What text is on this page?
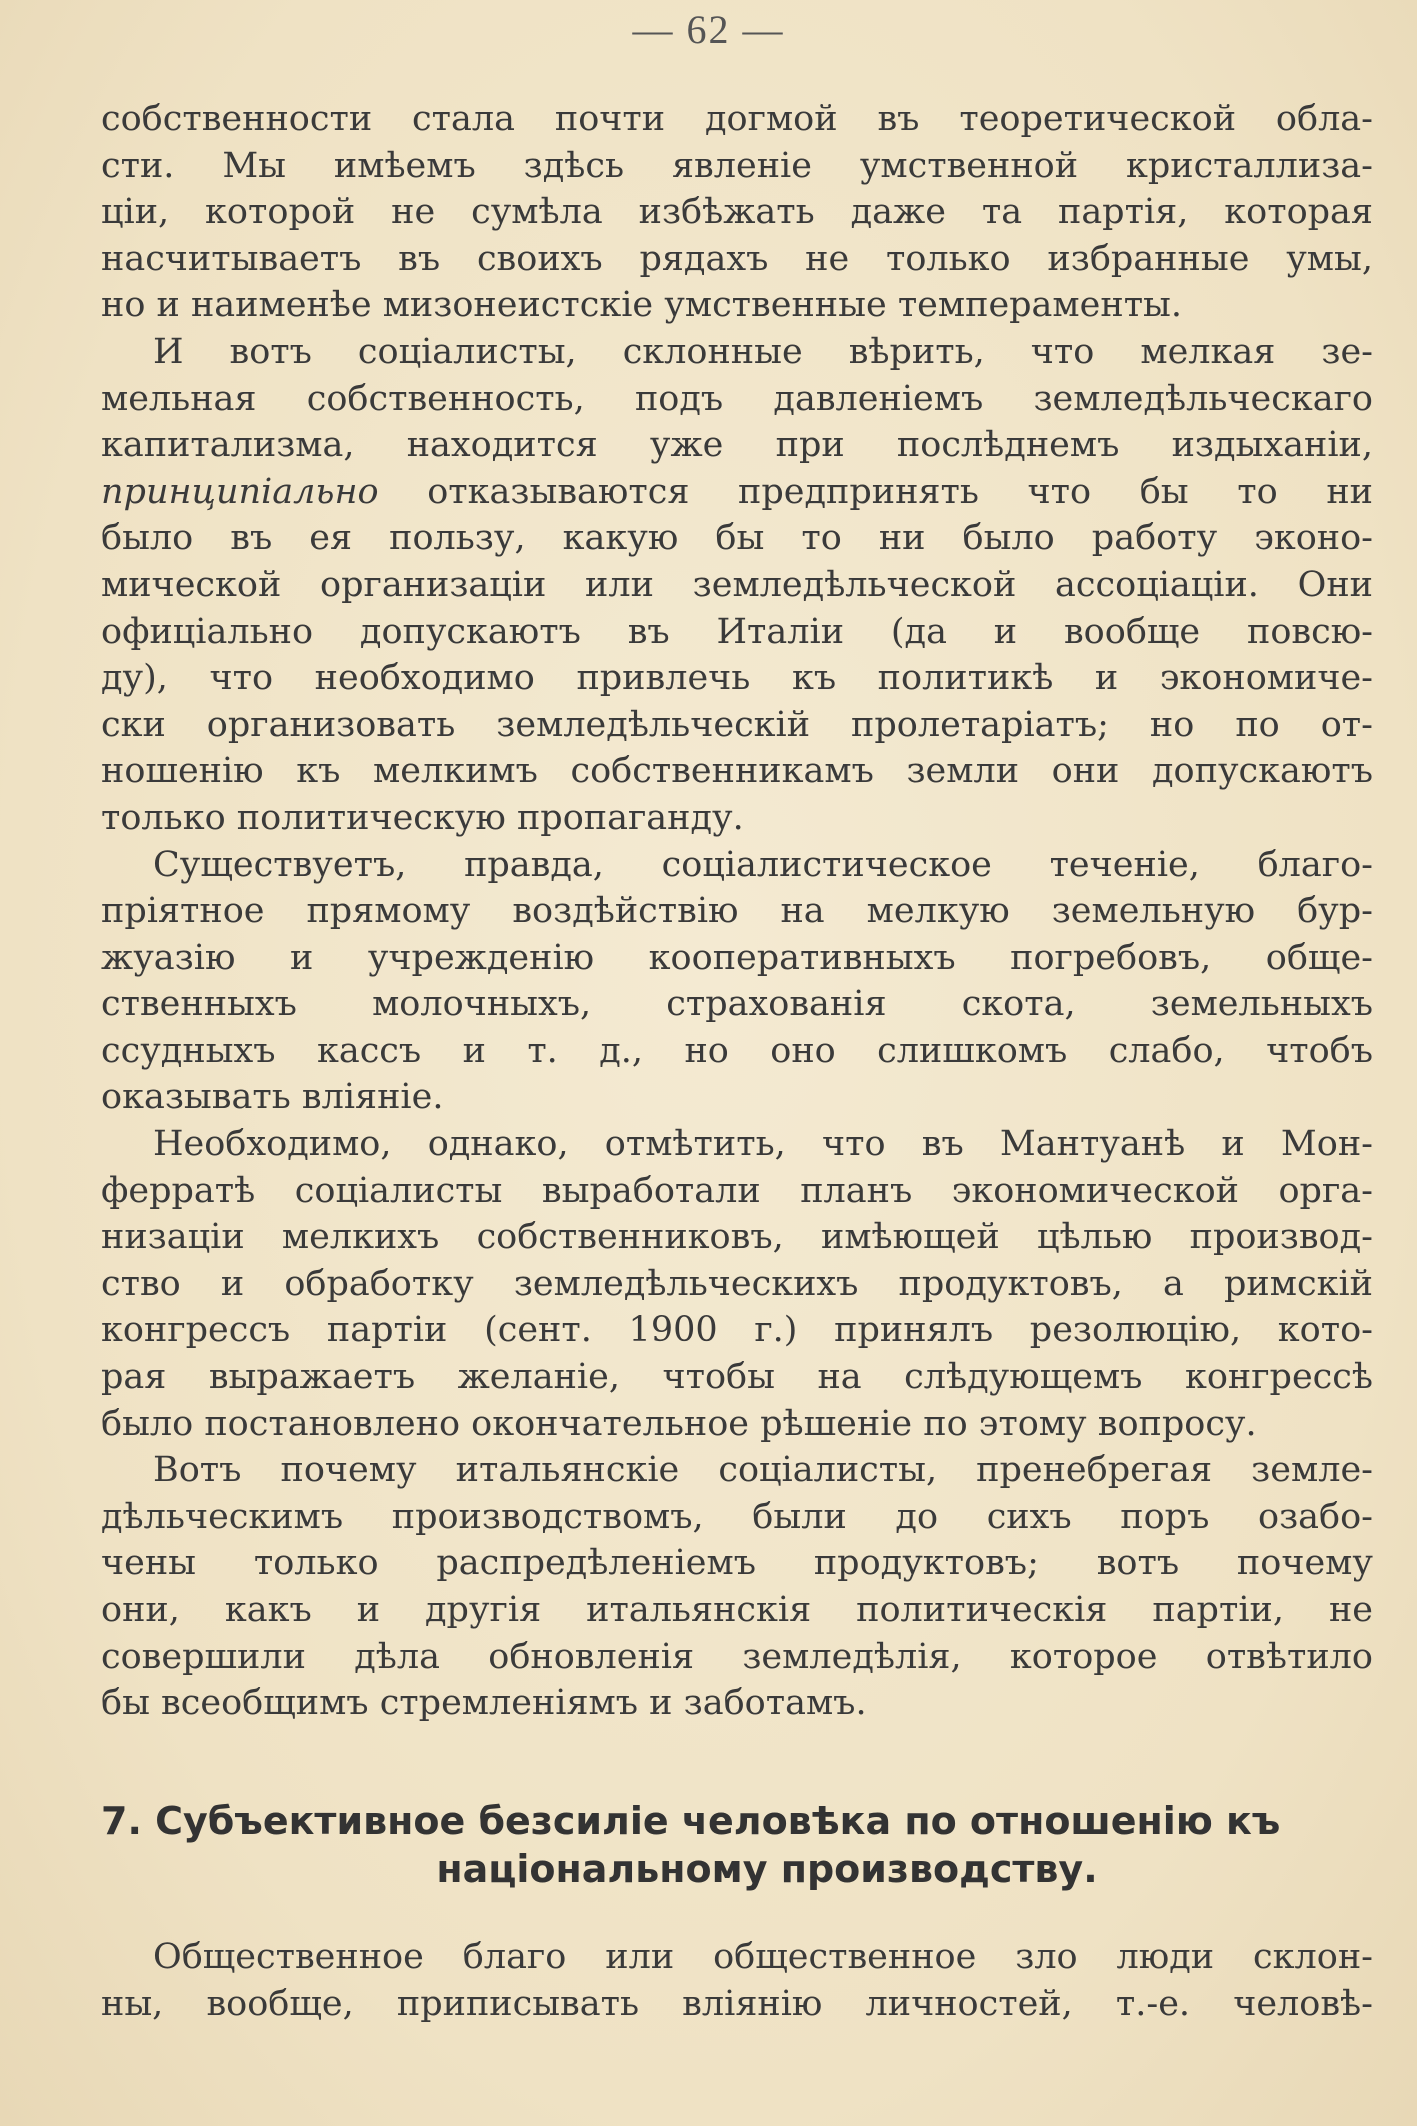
— 62 —

собственности стала почти догмой въ теоретической обла-

сти. Мы имѣемъ здѣсь явленіе умственной кристаллиза-

ціи, которой не сумѣла избѣжать даже та партія, которая

насчитываетъ въ своихъ рядахъ не только избранные умы,

но и наименѣе мизонеистскіе умственные темпераменты.

И вотъ соціалисты, склонные вѣрить, что мелкая зе-

мельная собственность, подъ давленіемъ земледѣльческаго

капитализма, находится уже при послѣднемъ издыханіи,

принципіально отказываются предпринять что бы то ни

было въ ея пользу, какую бы то ни было работу эконо-

мической организаціи или земледѣльческой ассоціаціи. Они

офиціально допускаютъ въ Италіи (да и вообще повсю-

ду), что необходимо привлечь къ политикѣ и экономиче-

ски организовать земледѣльческій пролетаріатъ; но по от-

ношенію къ мелкимъ собственникамъ земли они допускаютъ

только политическую пропаганду.

Существуетъ, правда, соціалистическое теченіе, благо-

пріятное прямому воздѣйствію на мелкую земельную бур-

жуазію и учрежденію кооперативныхъ погребовъ, обще-

ственныхъ молочныхъ, страхованія скота, земельныхъ

ссудныхъ кассъ и т. д., но оно слишкомъ слабо, чтобъ

оказывать вліяніе.

Необходимо, однако, отмѣтить, что въ Мантуанѣ и Мон-

ферратѣ соціалисты выработали планъ экономической орга-

низаціи мелкихъ собственниковъ, имѣющей цѣлью производ-

ство и обработку земледѣльческихъ продуктовъ, а римскій

конгрессъ партіи (сент. 1900 г.) принялъ резолюцію, кото-

рая выражаетъ желаніе, чтобы на слѣдующемъ конгрессѣ

было постановлено окончательное рѣшеніе по этому вопросу.

Вотъ почему итальянскіе соціалисты, пренебрегая земле-

дѣльческимъ производствомъ, были до сихъ поръ озабо-

чены только распредѣленіемъ продуктовъ; вотъ почему

они, какъ и другія итальянскія политическія партіи, не

совершили дѣла обновленія земледѣлія, которое отвѣтило

бы всеобщимъ стремленіямъ и заботамъ.

7. Субъективное безсиліе человѣка по отношенію къ
національному производству.

Общественное благо или общественное зло люди склон-

ны, вообще, приписывать вліянію личностей, т.-е. человѣ-
